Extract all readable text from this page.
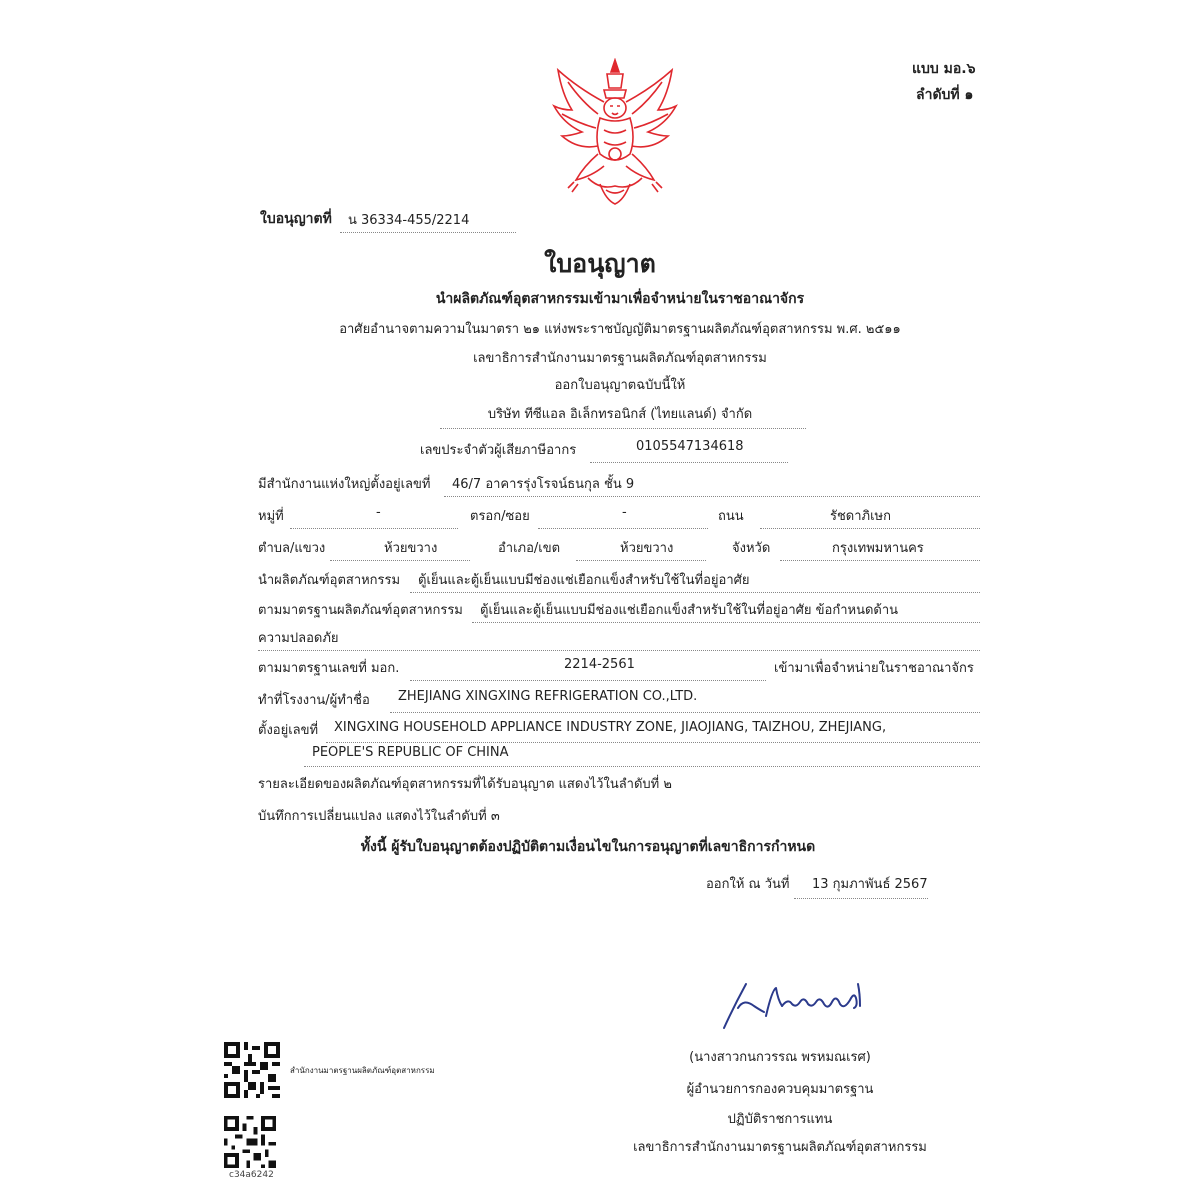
แบบ มอ.๖
ลำดับที่ ๑
ใบอนุญาตที่ น 36334-455/2214
ใบอนุญาต
นำผลิตภัณฑ์อุตสาหกรรมเข้ามาเพื่อจำหน่ายในราชอาณาจักร
อาศัยอำนาจตามความในมาตรา ๒๑ แห่งพระราชบัญญัติมาตรฐานผลิตภัณฑ์อุตสาหกรรม พ.ศ. ๒๕๑๑
เลขาธิการสำนักงานมาตรฐานผลิตภัณฑ์อุตสาหกรรม
ออกใบอนุญาตฉบับนี้ให้
บริษัท ทีซีแอล อิเล็กทรอนิกส์ (ไทยแลนด์) จำกัด
เลขประจำตัวผู้เสียภาษีอากร	0105547134618
มีสำนักงานแห่งใหญ่ตั้งอยู่เลขที่ 46/7 อาคารรุ่งโรจน์ธนกุล ชั้น 9
หมู่ที่	-	ตรอก/ซอย	-	ถนน	รัชดาภิเษก
ตำบล/แขวง	ห้วยขวาง	อำเภอ/เขต	ห้วยขวาง	จังหวัด	กรุงเทพมหานคร
นำผลิตภัณฑ์อุตสาหกรรม ตู้เย็นและตู้เย็นแบบมีช่องแช่เยือกแข็งสำหรับใช้ในที่อยู่อาศัย
ตามมาตรฐานผลิตภัณฑ์อุตสาหกรรม ตู้เย็นและตู้เย็นแบบมีช่องแช่เยือกแข็งสำหรับใช้ในที่อยู่อาศัย ข้อกำหนดด้าน
ความปลอดภัย
ตามมาตรฐานเลขที่ มอก.	2214-2561	เข้ามาเพื่อจำหน่ายในราชอาณาจักร
ทำที่โรงงาน/ผู้ทำชื่อ ZHEJIANG XINGXING REFRIGERATION CO.,LTD.
ตั้งอยู่เลขที่ XINGXING HOUSEHOLD APPLIANCE INDUSTRY ZONE, JIAOJIANG, TAIZHOU, ZHEJIANG,
PEOPLE'S REPUBLIC OF CHINA
รายละเอียดของผลิตภัณฑ์อุตสาหกรรมที่ได้รับอนุญาต แสดงไว้ในลำดับที่ ๒
บันทึกการเปลี่ยนแปลง แสดงไว้ในลำดับที่ ๓
ทั้งนี้ ผู้รับใบอนุญาตต้องปฏิบัติตามเงื่อนไขในการอนุญาตที่เลขาธิการกำหนด
ออกให้ ณ วันที่ 13 กุมภาพันธ์ 2567
(นางสาวกนกวรรณ พรหมณเรศ)
ผู้อำนวยการกองควบคุมมาตรฐาน
ปฏิบัติราชการแทน
เลขาธิการสำนักงานมาตรฐานผลิตภัณฑ์อุตสาหกรรม
สำนักงานมาตรฐานผลิตภัณฑ์อุตสาหกรรม
c34a6242
